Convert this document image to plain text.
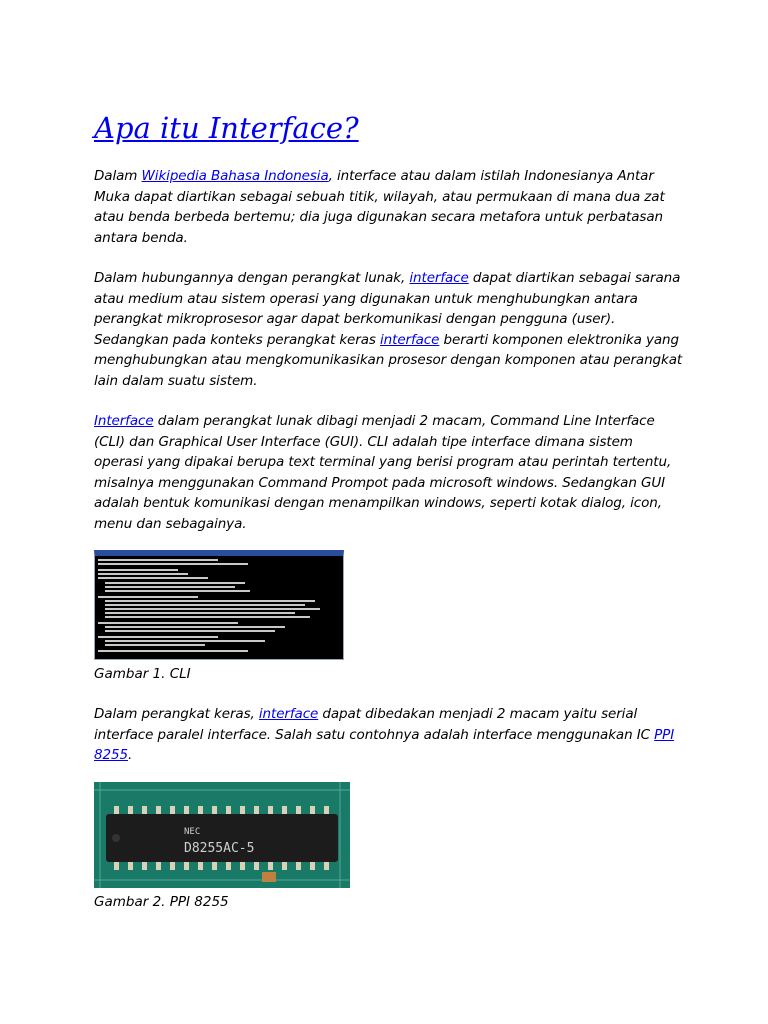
Apa itu Interface?

Dalam Wikipedia Bahasa Indonesia, interface atau dalam istilah Indonesianya Antar Muka dapat diartikan sebagai sebuah titik, wilayah, atau permukaan di mana dua zat atau benda berbeda bertemu; dia juga digunakan secara metafora untuk perbatasan antara benda.

Dalam hubungannya dengan perangkat lunak, interface dapat diartikan sebagai sarana atau medium atau sistem operasi yang digunakan untuk menghubungkan antara perangkat mikroprosesor agar dapat berkomunikasi dengan pengguna (user). Sedangkan pada konteks perangkat keras interface berarti komponen elektronika yang menghubungkan atau mengkomunikasikan prosesor dengan komponen atau perangkat lain dalam suatu sistem.

Interface dalam perangkat lunak dibagi menjadi 2 macam, Command Line Interface (CLI) dan Graphical User Interface (GUI). CLI adalah tipe interface dimana sistem operasi yang dipakai berupa text terminal yang berisi program atau perintah tertentu, misalnya menggunakan Command Prompot pada microsoft windows. Sedangkan GUI adalah bentuk komunikasi dengan menampilkan windows, seperti kotak dialog, icon, menu dan sebagainya.

Gambar 1. CLI

Dalam perangkat keras, interface dapat dibedakan menjadi 2 macam yaitu serial interface paralel interface. Salah satu contohnya adalah interface menggunakan IC PPI 8255.

NEC
D8255AC-5
Gambar 2. PPI 8255
